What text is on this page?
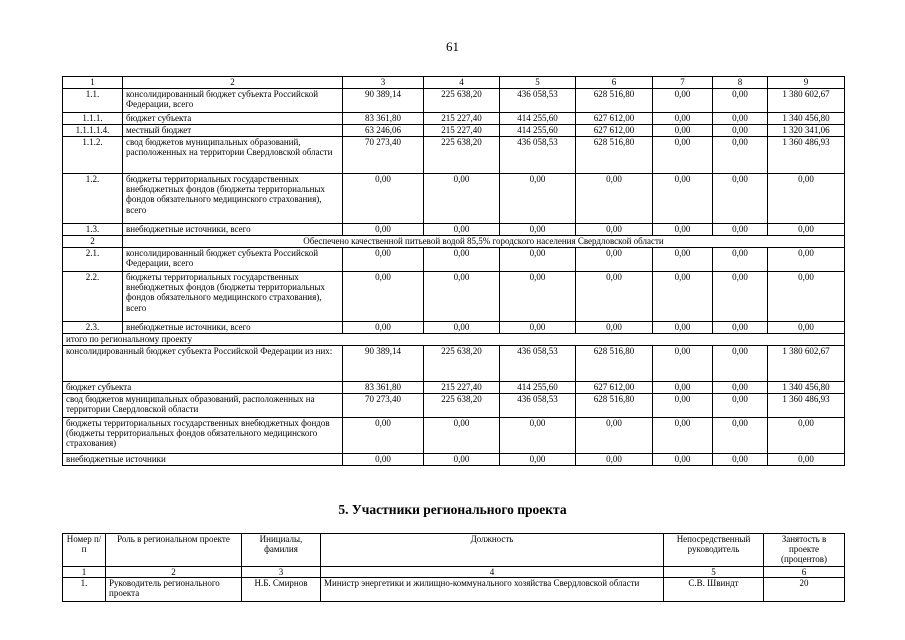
61
1	2	3	4	5	6	7	8	9
1.1.	консолидированный бюджет субъекта Российской Федерации, всего	90 389,14	225 638,20	436 058,53	628 516,80	0,00	0,00	1 380 602,67
1.1.1.	бюджет субъекта	83 361,80	215 227,40	414 255,60	627 612,00	0,00	0,00	1 340 456,80
1.1.1.1.4.	местный бюджет	63 246,06	215 227,40	414 255,60	627 612,00	0,00	0,00	1 320 341,06
1.1.2.	свод бюджетов муниципальных образований, расположенных на территории Свердловской области	70 273,40	225 638,20	436 058,53	628 516,80	0,00	0,00	1 360 486,93
1.2.	бюджеты территориальных государственных внебюджетных фондов (бюджеты территориальных фондов обязательного медицинского страхования), всего	0,00	0,00	0,00	0,00	0,00	0,00	0,00
1.3.	внебюджетные источники, всего	0,00	0,00	0,00	0,00	0,00	0,00	0,00
2	Обеспечено качественной питьевой водой 85,5% городского населения Свердловской области							
2.1.	консолидированный бюджет субъекта Российской Федерации, всего	0,00	0,00	0,00	0,00	0,00	0,00	0,00
2.2.	бюджеты территориальных государственных внебюджетных фондов (бюджеты территориальных фондов обязательного медицинского страхования), всего	0,00	0,00	0,00	0,00	0,00	0,00	0,00
2.3.	внебюджетные источники, всего	0,00	0,00	0,00	0,00	0,00	0,00	0,00
итого по региональному проекту								
консолидированный бюджет субъекта Российской Федерации из них:		90 389,14	225 638,20	436 058,53	628 516,80	0,00	0,00	1 380 602,67
бюджет субъекта		83 361,80	215 227,40	414 255,60	627 612,00	0,00	0,00	1 340 456,80
свод бюджетов муниципальных образований, расположенных на территории Свердловской области		70 273,40	225 638,20	436 058,53	628 516,80	0,00	0,00	1 360 486,93
бюджеты территориальных государственных внебюджетных фондов (бюджеты территориальных фондов обязательного медицинского страхования)		0,00	0,00	0,00	0,00	0,00	0,00	0,00
внебюджетные источники		0,00	0,00	0,00	0,00	0,00	0,00	0,00
5. Участники регионального проекта
Номер п/п	Роль в региональном проекте	Инициалы, фамилия	Должность	Непосредственный руководитель	Занятость в проекте (процентов)
1	2	3	4	5	6
1.	Руководитель регионального проекта	Н.Б. Смирнов	Министр энергетики и жилищно-коммунального хозяйства Свердловской области	С.В. Швиндт	20
